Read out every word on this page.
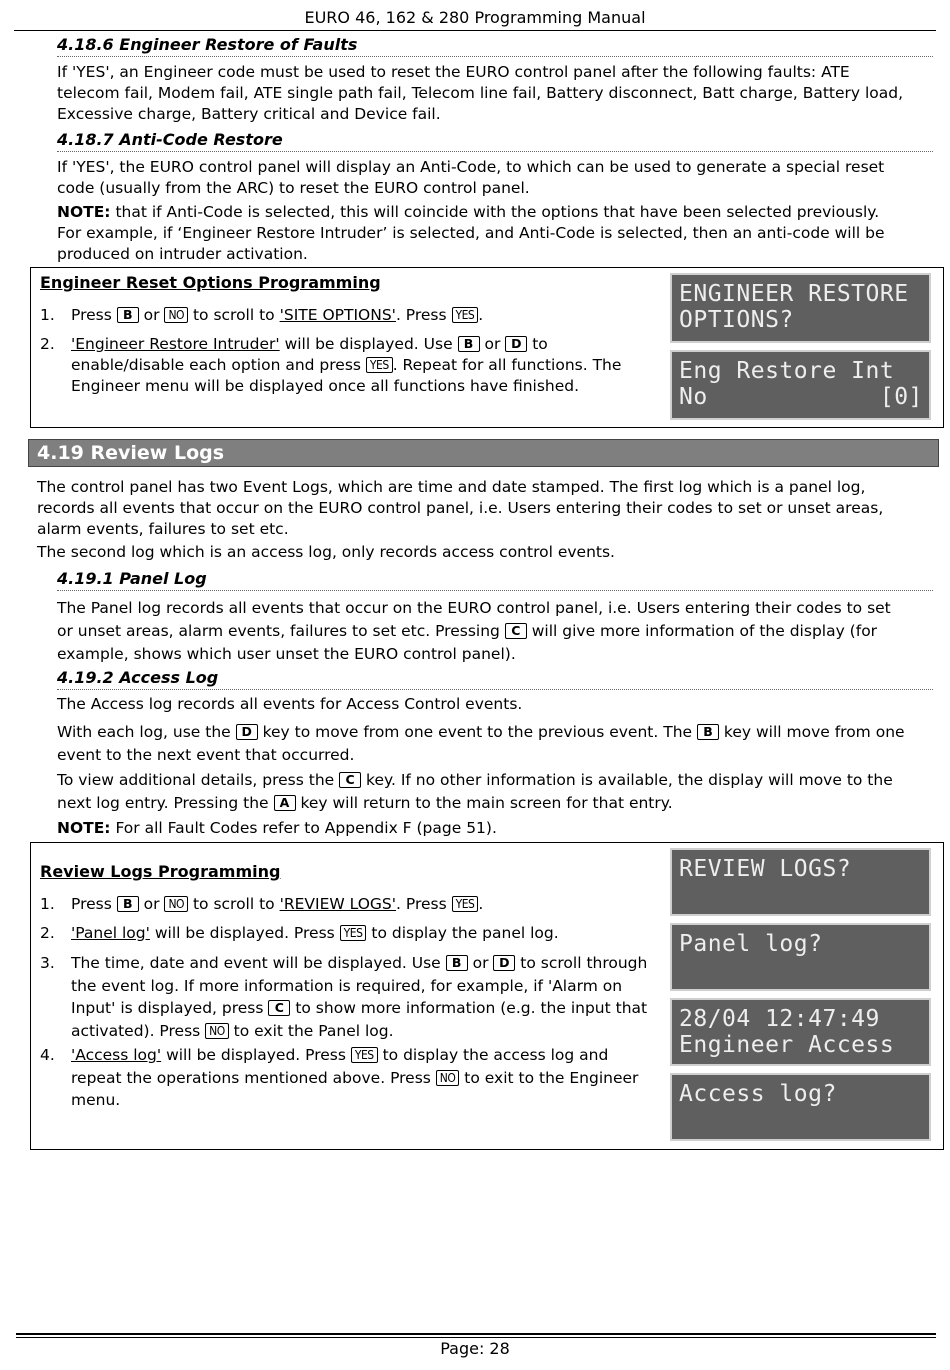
EURO 46, 162 & 280 Programming Manual
4.18.6 Engineer Restore of Faults

If 'YES', an Engineer code must be used to reset the EURO control panel after the following faults: ATE telecom fail, Modem fail, ATE single path fail, Telecom line fail, Battery disconnect, Batt charge, Battery load, Excessive charge, Battery critical and Device fail.

4.18.7 Anti-Code Restore

If 'YES', the EURO control panel will display an Anti-Code, to which can be used to generate a special reset code (usually from the ARC) to reset the EURO control panel.

NOTE: that if Anti-Code is selected, this will coincide with the options that have been selected previously. For example, if ‘Engineer Restore Intruder’ is selected, and Anti-Code is selected, then an anti-code will be produced on intruder activation.

Engineer Reset Options Programming
1. Press B or NO to scroll to 'SITE OPTIONS'. Press YES .
2. 'Engineer Restore Intruder' will be displayed. Use B or D to enable/disable each option and press YES . Repeat for all functions. The Engineer menu will be displayed once all functions have finished.
ENGINEER RESTORE
OPTIONS?
Eng Restore Int
No            [0]
4.19 Review Logs

The control panel has two Event Logs, which are time and date stamped. The first log which is a panel log, records all events that occur on the EURO control panel, i.e. Users entering their codes to set or unset areas, alarm events, failures to set etc.

The second log which is an access log, only records access control events.

4.19.1 Panel Log

The Panel log records all events that occur on the EURO control panel, i.e. Users entering their codes to set or unset areas, alarm events, failures to set etc. Pressing C will give more information of the display (for example, shows which user unset the EURO control panel).

4.19.2 Access Log

The Access log records all events for Access Control events.

With each log, use the D key to move from one event to the previous event. The B key will move from one event to the next event that occurred.

To view additional details, press the C key. If no other information is available, the display will move to the next log entry. Pressing the A key will return to the main screen for that entry.

NOTE: For all Fault Codes refer to Appendix F (page 51).

Review Logs Programming
1. Press B or NO to scroll to 'REVIEW LOGS'. Press YES .
2. 'Panel log' will be displayed. Press YES to display the panel log.
3. The time, date and event will be displayed. Use B or D to scroll through the event log. If more information is required, for example, if 'Alarm on Input' is displayed, press C to show more information (e.g. the input that activated). Press NO to exit the Panel log.
4. 'Access log' will be displayed. Press YES to display the access log and repeat the operations mentioned above. Press NO to exit to the Engineer menu.
REVIEW LOGS?
Panel log?
28/04 12:47:49
Engineer Access
Access log?
Page: 28
